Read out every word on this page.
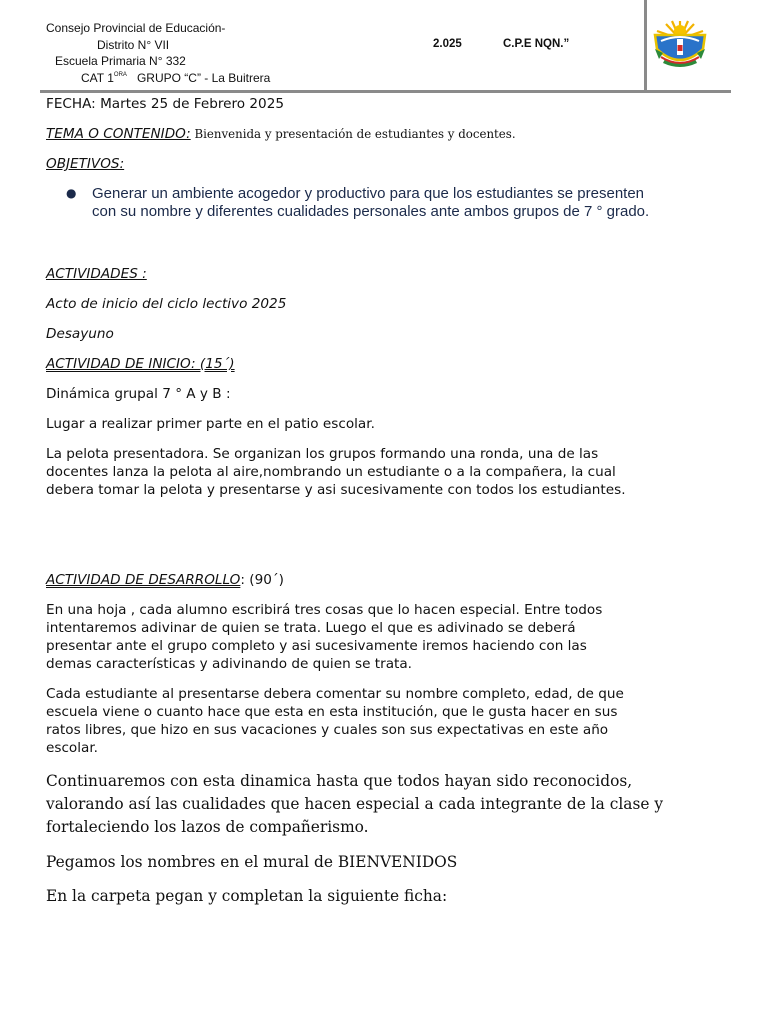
Consejo Provincial de Educación-
Distrito N° VII
Escuela Primaria N° 332
CAT $1^{ORA}$ GRUPO “C” - La Buitrera
2.025	C.P.E NQN.”
FECHA: Martes 25 de Febrero 2025
TEMA O CONTENIDO: Bienvenida y presentación de estudiantes y docentes.
OBJETIVOS:
● Generar un ambiente acogedor y productivo para que los estudiantes se presenten con su nombre y diferentes cualidades personales ante ambos grupos de 7 ° grado.
ACTIVIDADES :
Acto de inicio del ciclo lectivo 2025
Desayuno
ACTIVIDAD DE INICIO: (15´)
Dinámica grupal 7 ° A y B :
Lugar a realizar primer parte en el patio escolar.
La pelota presentadora. Se organizan los grupos formando una ronda, una de las
docentes lanza la pelota al aire,nombrando un estudiante o a la compañera, la cual
debera tomar la pelota y presentarse y asi sucesivamente con todos los estudiantes.
ACTIVIDAD DE DESARROLLO: (90´)
En una hoja , cada alumno escribirá tres cosas que lo hacen especial. Entre todos
intentaremos adivinar de quien se trata. Luego el que es adivinado se deberá
presentar ante el grupo completo y asi sucesivamente iremos haciendo con las
demas características y adivinando de quien se trata.
Cada estudiante al presentarse debera comentar su nombre completo, edad, de que
escuela viene o cuanto hace que esta en esta institución, que le gusta hacer en sus
ratos libres, que hizo en sus vacaciones y cuales son sus expectativas en este año
escolar.
Continuaremos con esta dinamica hasta que todos hayan sido reconocidos,
valorando así las cualidades que hacen especial a cada integrante de la clase y
fortaleciendo los lazos de compañerismo.
Pegamos los nombres en el mural de BIENVENIDOS
En la carpeta pegan y completan la siguiente ficha:
